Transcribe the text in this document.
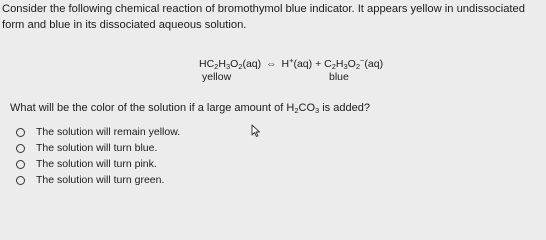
Consider the following chemical reaction of bromothymol blue indicator. It appears yellow in undissociated form and blue in its dissociated aqueous solution.
$HC_2H_3O_2(aq)$ ⇔ $H^+(aq) + C_2H_3O_2^-(aq)$
yellow	blue
What will be the color of the solution if a large amount of $H_2CO_3$ is added?
The solution will remain yellow.
The solution will turn blue.
The solution will turn pink.
The solution will turn green.
